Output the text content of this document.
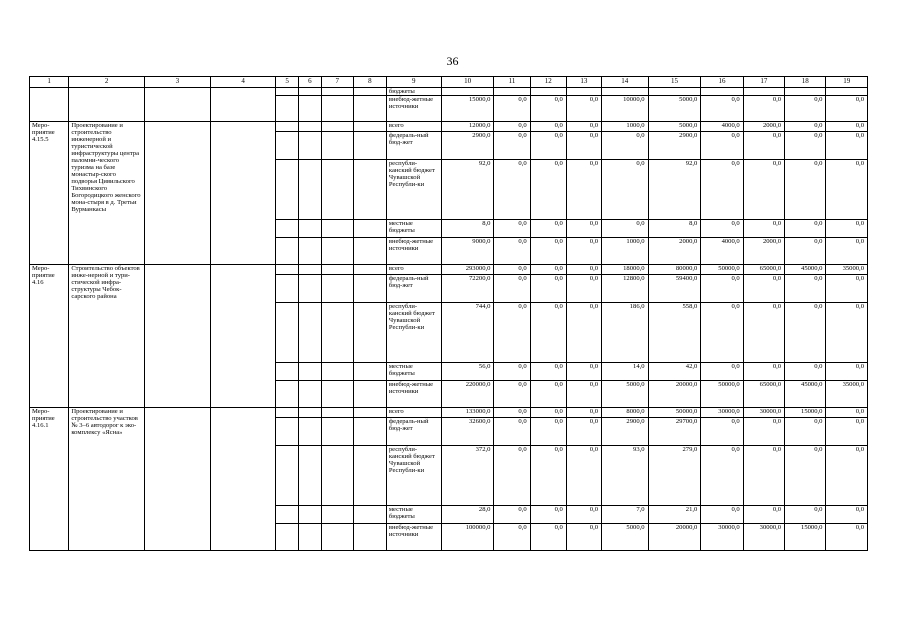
36
1	2	3	4	5	6	7	8	9	10	11	12	13	14	15	16	17	18	19
								бюджеты										
								внебюд-жетные источники	15000,0	0,0	0,0	0,0	10000,0	5000,0	0,0	0,0	0,0	0,0
Меро-приятие 4.15.5	Проектирование и строительство инженерной и туристической инфраструктуры центра паломни-ческого туризма на базе монастыр-ского подворья Цивильского Тихвинского Богородицкого женского мона-стыря в д. Третьи Вурманкасы							всего	12000,0	0,0	0,0	0,0	1000,0	5000,0	4000,0	2000,0	0,0	0,0
								федераль-ный бюд-жет	2900,0	0,0	0,0	0,0	0,0	2900,0	0,0	0,0	0,0	0,0
								республи-канский бюджет Чувашской Республи-ки	92,0	0,0	0,0	0,0	0,0	92,0	0,0	0,0	0,0	0,0
								местные бюджеты	8,0	0,0	0,0	0,0	0,0	8,0	0,0	0,0	0,0	0,0
								внебюд-жетные источники	9000,0	0,0	0,0	0,0	1000,0	2000,0	4000,0	2000,0	0,0	0,0
Меро-приятие 4.16	Строительство объектов инже-нерной и тури-стической инфра-структуры Чебок-сарского района							всего	293000,0	0,0	0,0	0,0	18000,0	80000,0	50000,0	65000,0	45000,0	35000,0
								федераль-ный бюд-жет	72200,0	0,0	0,0	0,0	12800,0	59400,0	0,0	0,0	0,0	0,0
								республи-канский бюджет Чувашской Республи-ки	744,0	0,0	0,0	0,0	186,0	558,0	0,0	0,0	0,0	0,0
								местные бюджеты	56,0	0,0	0,0	0,0	14,0	42,0	0,0	0,0	0,0	0,0
								внебюд-жетные источники	220000,0	0,0	0,0	0,0	5000,0	20000,0	50000,0	65000,0	45000,0	35000,0
Меро-приятие 4.16.1	Проектирование и строительство участков № 3–6 автодорог к эко-комплексу «Ясна»							всего	133000,0	0,0	0,0	0,0	8000,0	50000,0	30000,0	30000,0	15000,0	0,0
								федераль-ный бюд-жет	32600,0	0,0	0,0	0,0	2900,0	29700,0	0,0	0,0	0,0	0,0
								республи-канский бюджет Чувашской Республи-ки	372,0	0,0	0,0	0,0	93,0	279,0	0,0	0,0	0,0	0,0
								местные бюджеты	28,0	0,0	0,0	0,0	7,0	21,0	0,0	0,0	0,0	0,0
								внебюд-жетные источники	100000,0	0,0	0,0	0,0	5000,0	20000,0	30000,0	30000,0	15000,0	0,0
